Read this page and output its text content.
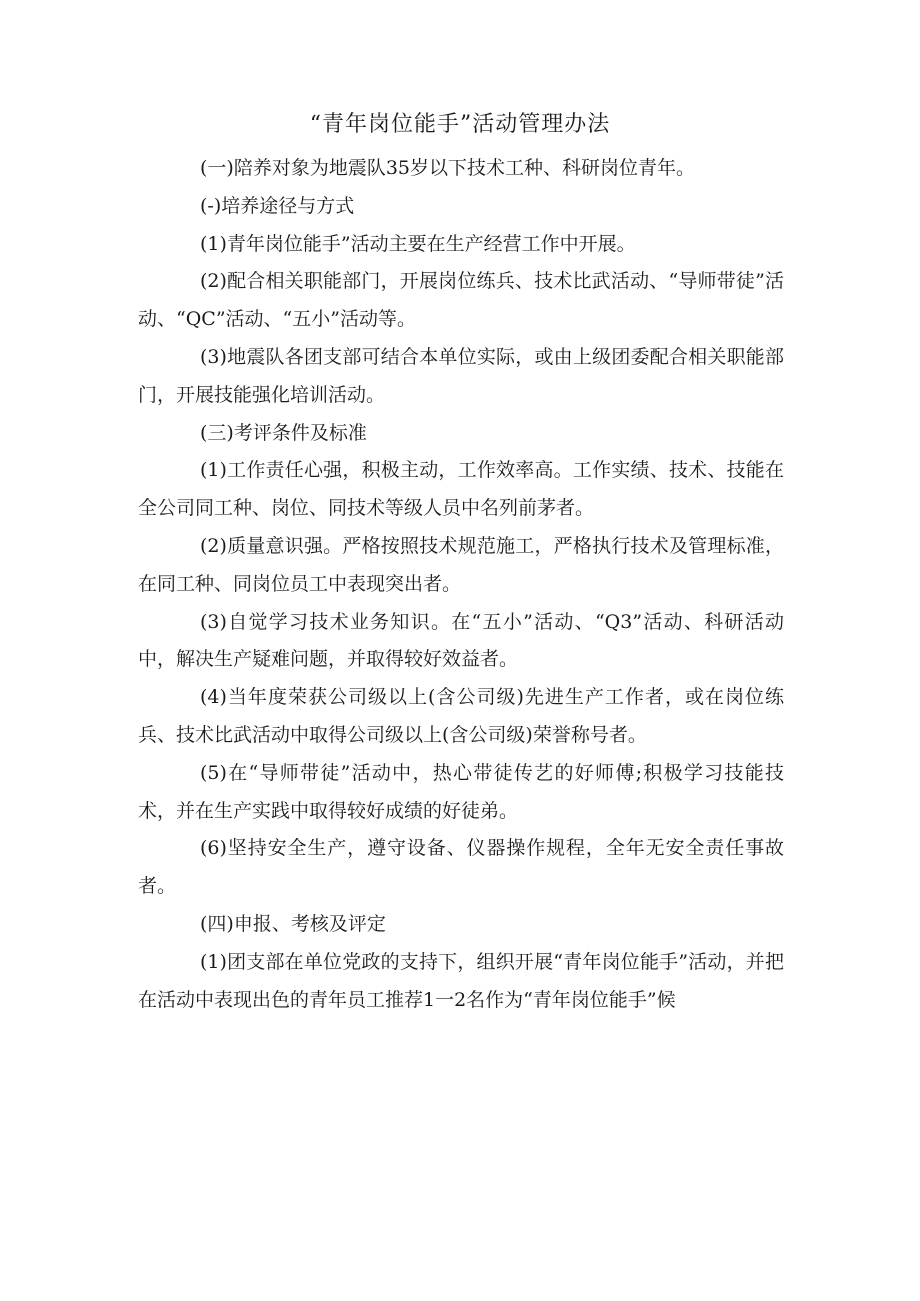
“青年岗位能手”活动管理办法

(一)陪养对象为地震队35岁以下技术工种、科研岗位青年。

(-)培养途径与方式

(1)青年岗位能手”活动主要在生产经营工作中开展。

(2)配合相关职能部门，开展岗位练兵、技术比武活动、“导师带徒”活动、“QC”活动、“五小”活动等。

(3)地震队各团支部可结合本单位实际，或由上级团委配合相关职能部门，开展技能强化培训活动。

(三)考评条件及标准

(1)工作责任心强，积极主动，工作效率高。工作实绩、技术、技能在全公司同工种、岗位、同技术等级人员中名列前茅者。

(2)质量意识强。严格按照技术规范施工，严格执行技术及管理标准，在同工种、同岗位员工中表现突出者。

(3)自觉学习技术业务知识。在“五小”活动、“Q3”活动、科研活动中，解决生产疑难问题，并取得较好效益者。

(4)当年度荣获公司级以上(含公司级)先进生产工作者，或在岗位练兵、技术比武活动中取得公司级以上(含公司级)荣誉称号者。

(5)在“导师带徒”活动中，热心带徒传艺的好师傅;积极学习技能技术，并在生产实践中取得较好成绩的好徒弟。

(6)坚持安全生产，遵守设备、仪器操作规程，全年无安全责任事故者。

(四)申报、考核及评定

(1)团支部在单位党政的支持下，组织开展“青年岗位能手”活动，并把在活动中表现出色的青年员工推荐1一2名作为“青年岗位能手”候
